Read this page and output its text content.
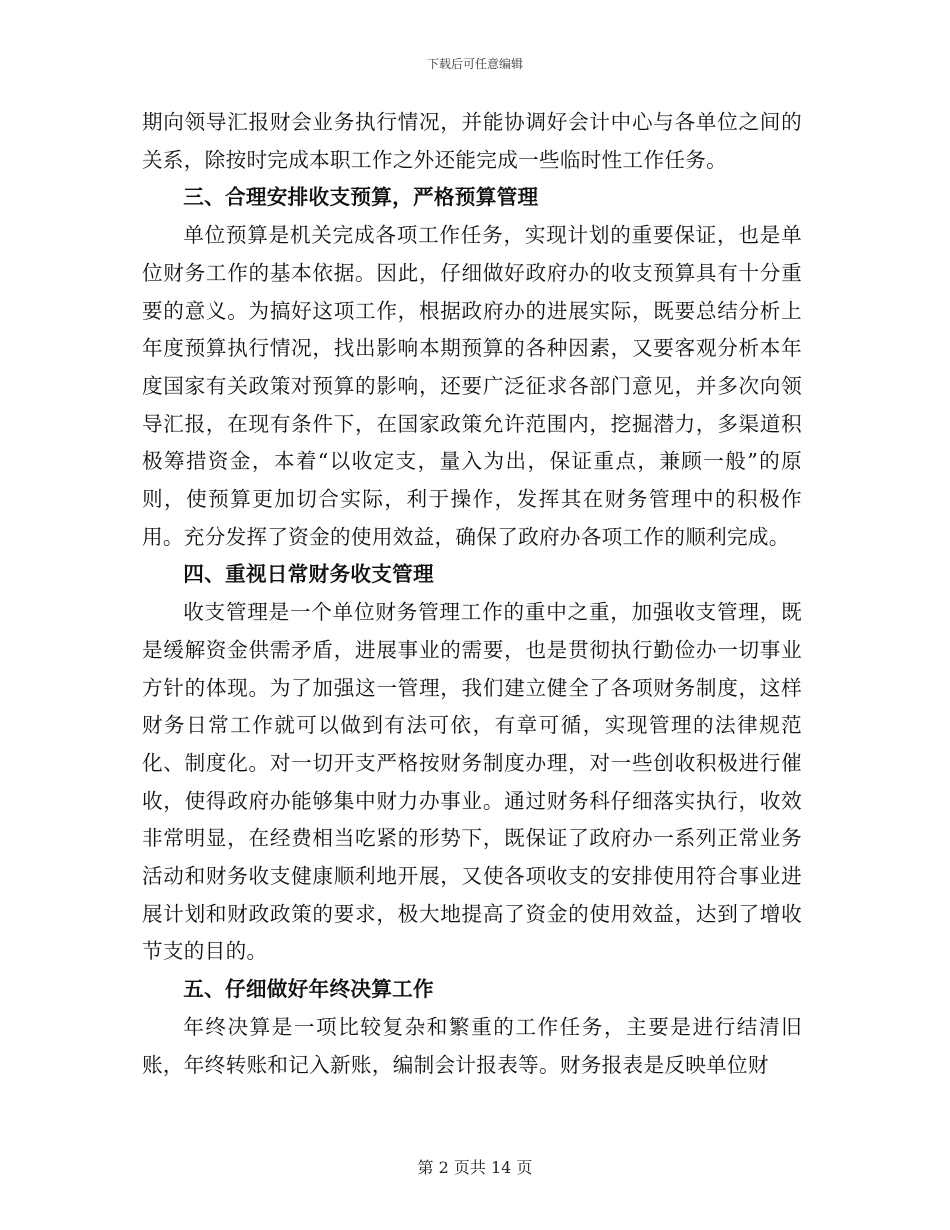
下载后可任意编辑

期向领导汇报财会业务执行情况，并能协调好会计中心与各单位之间的关系，除按时完成本职工作之外还能完成一些临时性工作任务。

三、合理安排收支预算，严格预算管理

单位预算是机关完成各项工作任务，实现计划的重要保证，也是单位财务工作的基本依据。因此，仔细做好政府办的收支预算具有十分重要的意义。为搞好这项工作，根据政府办的进展实际，既要总结分析上年度预算执行情况，找出影响本期预算的各种因素，又要客观分析本年度国家有关政策对预算的影响，还要广泛征求各部门意见，并多次向领导汇报，在现有条件下，在国家政策允许范围内，挖掘潜力，多渠道积极筹措资金，本着“以收定支，量入为出，保证重点，兼顾一般”的原则，使预算更加切合实际，利于操作，发挥其在财务管理中的积极作用。充分发挥了资金的使用效益，确保了政府办各项工作的顺利完成。

四、重视日常财务收支管理

收支管理是一个单位财务管理工作的重中之重，加强收支管理，既是缓解资金供需矛盾，进展事业的需要，也是贯彻执行勤俭办一切事业方针的体现。为了加强这一管理，我们建立健全了各项财务制度，这样财务日常工作就可以做到有法可依，有章可循，实现管理的法律规范化、制度化。对一切开支严格按财务制度办理，对一些创收积极进行催收，使得政府办能够集中财力办事业。通过财务科仔细落实执行，收效非常明显，在经费相当吃紧的形势下，既保证了政府办一系列正常业务活动和财务收支健康顺利地开展，又使各项收支的安排使用符合事业进展计划和财政政策的要求，极大地提高了资金的使用效益，达到了增收节支的目的。

五、仔细做好年终决算工作

年终决算是一项比较复杂和繁重的工作任务，主要是进行结清旧账，年终转账和记入新账，编制会计报表等。财务报表是反映单位财

第 2 页共 14 页
